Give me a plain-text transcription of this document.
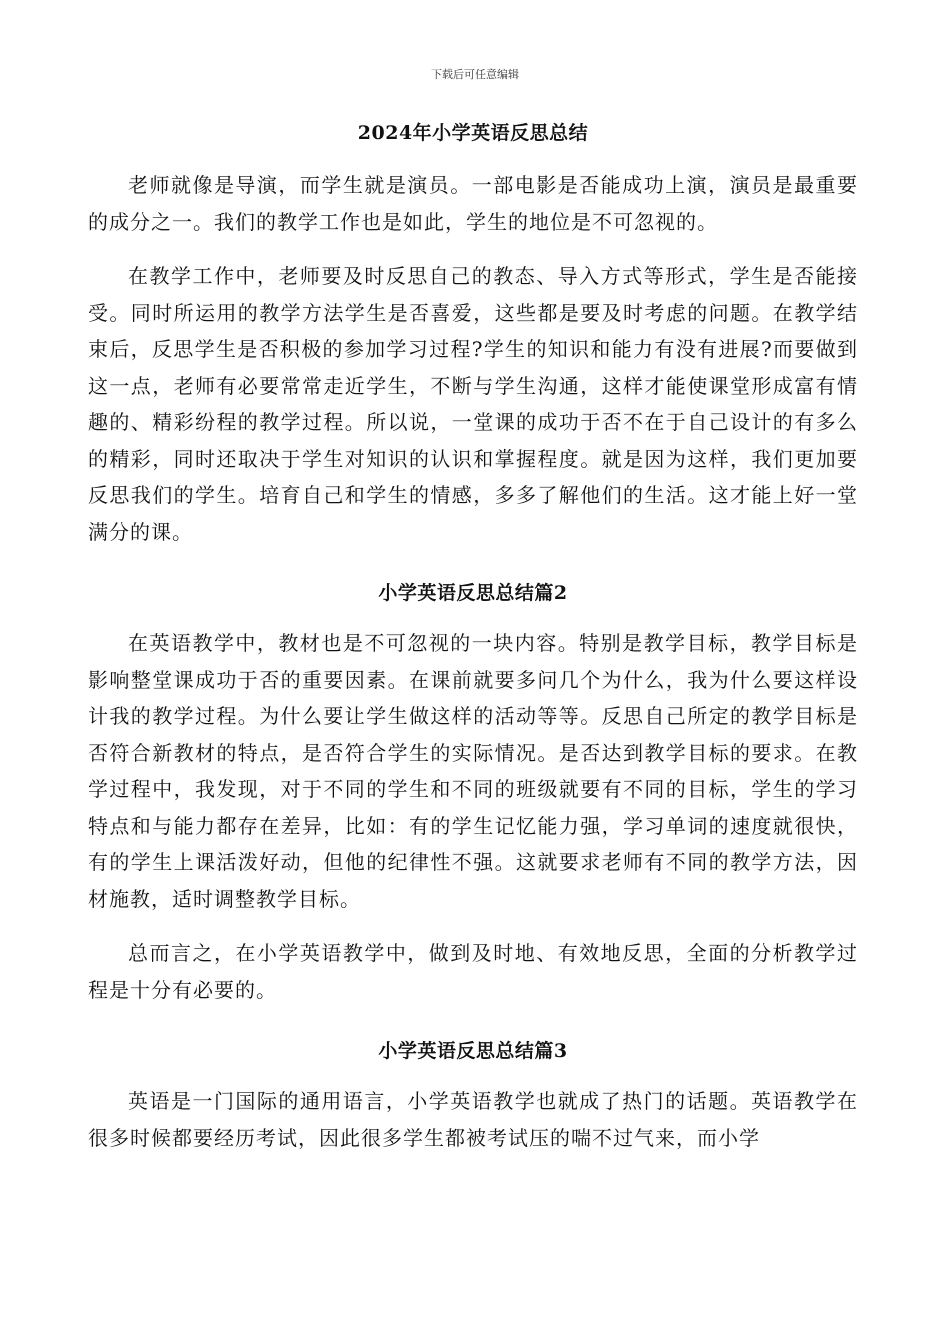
下载后可任意编辑
2024年小学英语反思总结

老师就像是导演，而学生就是演员。一部电影是否能成功上演，演员是最重要的成分之一。我们的教学工作也是如此，学生的地位是不可忽视的。

在教学工作中，老师要及时反思自己的教态、导入方式等形式，学生是否能接受。同时所运用的教学方法学生是否喜爱，这些都是要及时考虑的问题。在教学结束后，反思学生是否积极的参加学习过程?学生的知识和能力有没有进展?而要做到这一点，老师有必要常常走近学生，不断与学生沟通，这样才能使课堂形成富有情趣的、精彩纷程的教学过程。所以说，一堂课的成功于否不在于自己设计的有多么的精彩，同时还取决于学生对知识的认识和掌握程度。就是因为这样，我们更加要反思我们的学生。培育自己和学生的情感，多多了解他们的生活。这才能上好一堂满分的课。

小学英语反思总结篇2

在英语教学中，教材也是不可忽视的一块内容。特别是教学目标，教学目标是影响整堂课成功于否的重要因素。在课前就要多问几个为什么，我为什么要这样设计我的教学过程。为什么要让学生做这样的活动等等。反思自己所定的教学目标是否符合新教材的特点，是否符合学生的实际情况。是否达到教学目标的要求。在教学过程中，我发现，对于不同的学生和不同的班级就要有不同的目标，学生的学习特点和与能力都存在差异，比如：有的学生记忆能力强，学习单词的速度就很快，有的学生上课活泼好动，但他的纪律性不强。这就要求老师有不同的教学方法，因材施教，适时调整教学目标。

总而言之，在小学英语教学中，做到及时地、有效地反思，全面的分析教学过程是十分有必要的。

小学英语反思总结篇3

英语是一门国际的通用语言，小学英语教学也就成了热门的话题。英语教学在很多时候都要经历考试，因此很多学生都被考试压的喘不过气来，而小学
